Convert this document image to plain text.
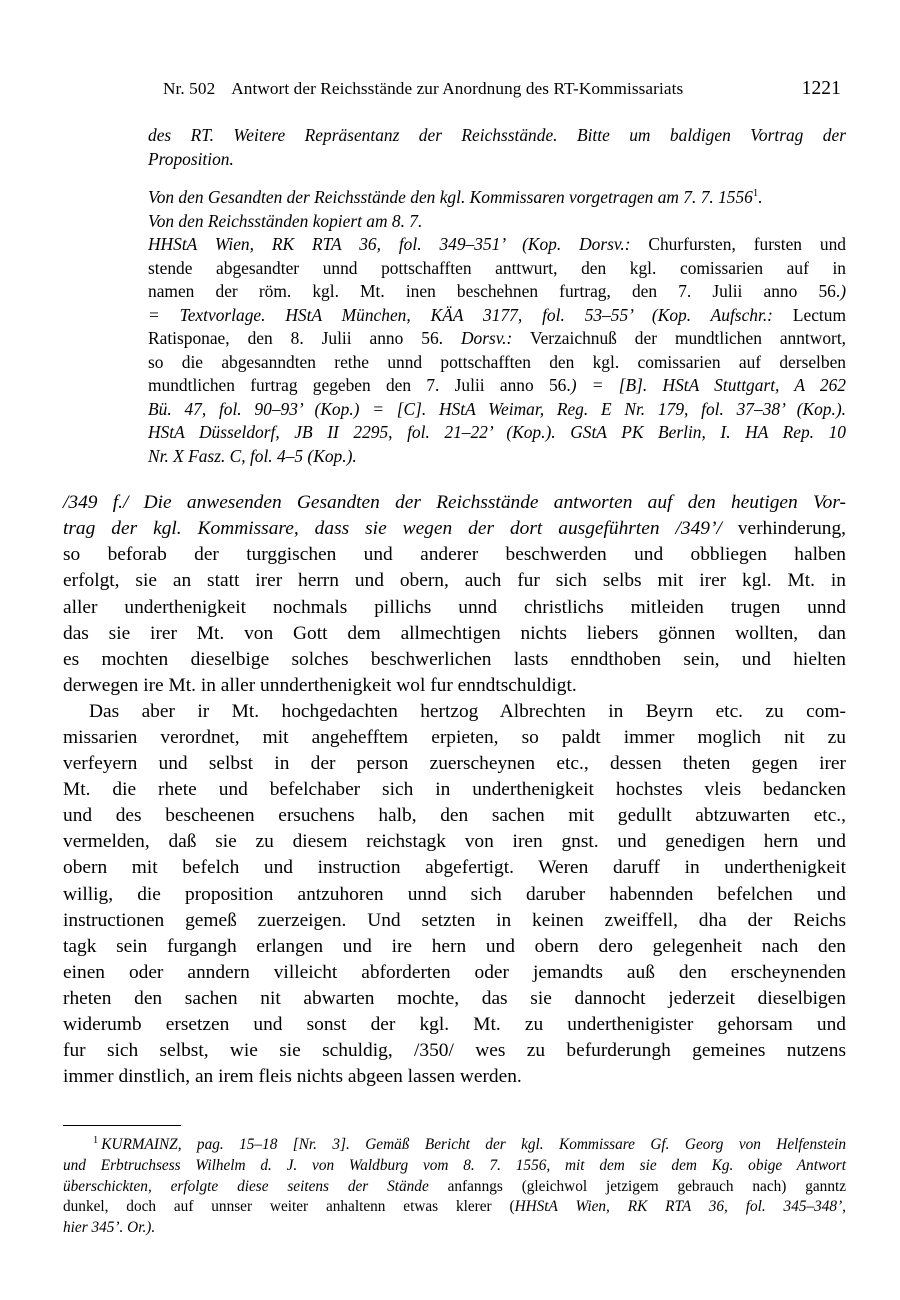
Nr. 502 Antwort der Reichsstände zur Anordnung des RT-Kommissariats	1221

des RT. Weitere Repräsentanz der Reichsstände. Bitte um baldigen Vortrag der

Proposition.

Von den Gesandten der Reichsstände den kgl. Kommissaren vorgetragen am 7. 7. 1556$^1$.

Von den Reichsständen kopiert am 8. 7.

HHStA Wien, RK RTA 36, fol. 349–351’ (Kop. Dorsv.: Churfursten, fursten und

stende abgesandter unnd pottschafften anttwurt, den kgl. comissarien auf in

namen der röm. kgl. Mt. inen beschehnen furtrag, den 7. Julii anno 56.)

= Textvorlage. HStA München, KÄA 3177, fol. 53–55’ (Kop. Aufschr.: Lectum

Ratisponae, den 8. Julii anno 56. Dorsv.: Verzaichnuß der mundtlichen anntwort,

so die abgesanndten rethe unnd pottschafften den kgl. comissarien auf derselben

mundtlichen furtrag gegeben den 7. Julii anno 56.) = [B]. HStA Stuttgart, A 262

Bü. 47, fol. 90–93’ (Kop.) = [C]. HStA Weimar, Reg. E Nr. 179, fol. 37–38’ (Kop.).

HStA Düsseldorf, JB II 2295, fol. 21–22’ (Kop.). GStA PK Berlin, I. HA Rep. 10

Nr. X Fasz. C, fol. 4–5 (Kop.).

/349 f./ Die anwesenden Gesandten der Reichsstände antworten auf den heutigen Vor-

trag der kgl. Kommissare, dass sie wegen der dort ausgeführten /349’/ verhinderung,

so beforab der turggischen und anderer beschwerden und obbliegen halben

erfolgt, sie an statt irer herrn und obern, auch fur sich selbs mit irer kgl. Mt. in

aller underthenigkeit nochmals pillichs unnd christlichs mitleiden trugen unnd

das sie irer Mt. von Gott dem allmechtigen nichts liebers gönnen wollten, dan

es mochten dieselbige solches beschwerlichen lasts enndthoben sein, und hielten

derwegen ire Mt. in aller unnderthenigkeit wol fur enndtschuldigt.

Das aber ir Mt. hochgedachten hertzog Albrechten in Beyrn etc. zu com-

missarien verordnet, mit angehefftem erpieten, so paldt immer moglich nit zu

verfeyern und selbst in der person zuerscheynen etc., dessen theten gegen irer

Mt. die rhete und befelchaber sich in underthenigkeit hochstes vleis bedancken

und des bescheenen ersuchens halb, den sachen mit gedullt abtzuwarten etc.,

vermelden, daß sie zu diesem reichstagk von iren gnst. und genedigen hern und

obern mit befelch und instruction abgefertigt. Weren daruff in underthenigkeit

willig, die proposition antzuhoren unnd sich daruber habennden befelchen und

instructionen gemeß zuerzeigen. Und setzten in keinen zweiffell, dha der Reichs

tagk sein furgangh erlangen und ire hern und obern dero gelegenheit nach den

einen oder anndern villeicht abforderten oder jemandts auß den erscheynenden

rheten den sachen nit abwarten mochte, das sie dannocht jederzeit dieselbigen

widerumb ersetzen und sonst der kgl. Mt. zu underthenigister gehorsam und

fur sich selbst, wie sie schuldig, /350/ wes zu befurderungh gemeines nutzens

immer dinstlich, an irem fleis nichts abgeen lassen werden.

$^1$ KURMAINZ, pag. 15–18 [Nr. 3]. Gemäß Bericht der kgl. Kommissare Gf. Georg von Helfenstein

und Erbtruchsess Wilhelm d. J. von Waldburg vom 8. 7. 1556, mit dem sie dem Kg. obige Antwort

überschickten, erfolgte diese seitens der Stände anfanngs (gleichwol jetzigem gebrauch nach) ganntz

dunkel, doch auf unnser weiter anhaltenn etwas klerer (HHStA Wien, RK RTA 36, fol. 345–348’,

hier 345’. Or.).
